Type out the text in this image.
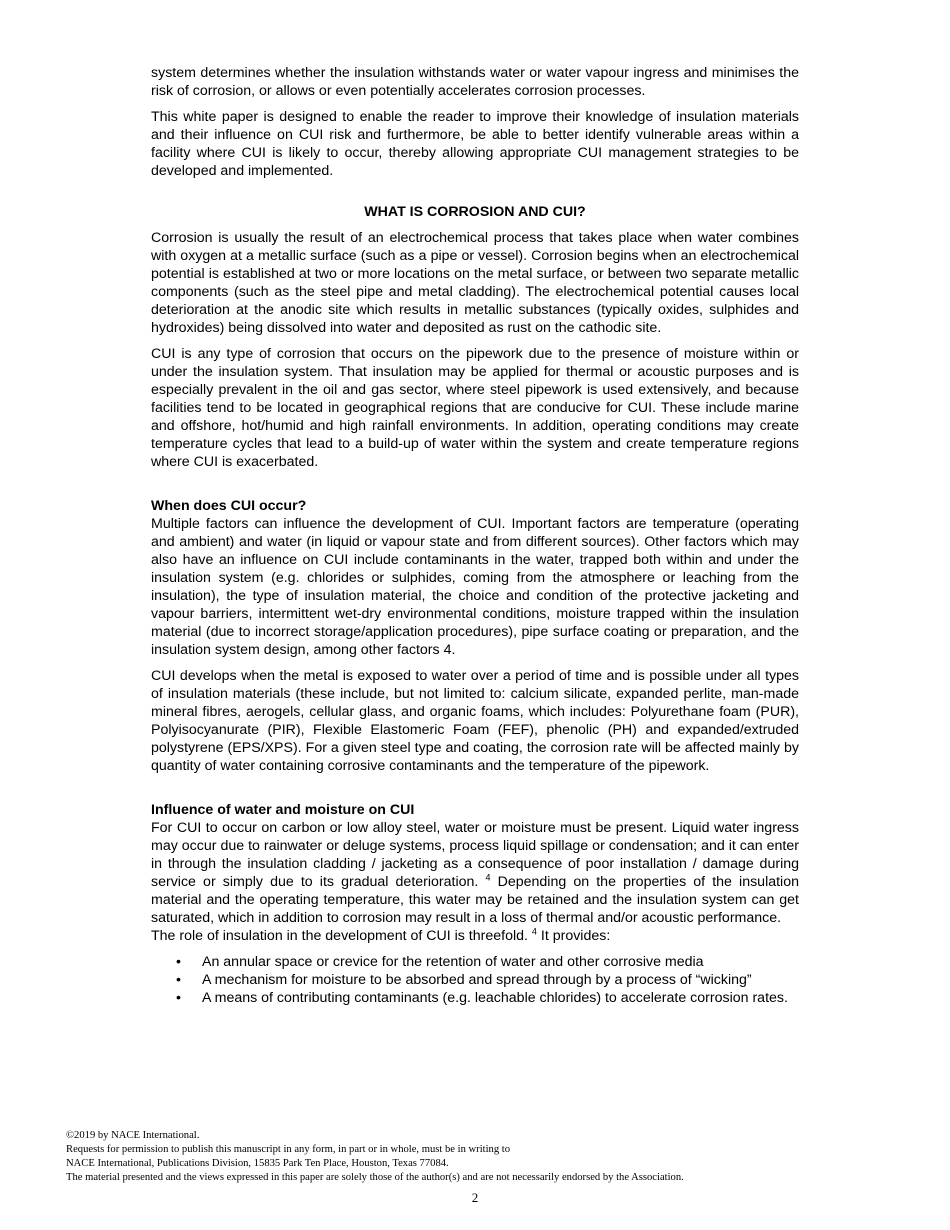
system determines whether the insulation withstands water or water vapour ingress and minimises the risk of corrosion, or allows or even potentially accelerates corrosion processes.

This white paper is designed to enable the reader to improve their knowledge of insulation materials and their influence on CUI risk and furthermore, be able to better identify vulnerable areas within a facility where CUI is likely to occur, thereby allowing appropriate CUI management strategies to be developed and implemented.

WHAT IS CORROSION AND CUI?

Corrosion is usually the result of an electrochemical process that takes place when water combines with oxygen at a metallic surface (such as a pipe or vessel). Corrosion begins when an electrochemical potential is established at two or more locations on the metal surface, or between two separate metallic components (such as the steel pipe and metal cladding). The electrochemical potential causes local deterioration at the anodic site which results in metallic substances (typically oxides, sulphides and hydroxides) being dissolved into water and deposited as rust on the cathodic site.

CUI is any type of corrosion that occurs on the pipework due to the presence of moisture within or under the insulation system. That insulation may be applied for thermal or acoustic purposes and is especially prevalent in the oil and gas sector, where steel pipework is used extensively, and because facilities tend to be located in geographical regions that are conducive for CUI. These include marine and offshore, hot/humid and high rainfall environments. In addition, operating conditions may create temperature cycles that lead to a build-up of water within the system and create temperature regions where CUI is exacerbated.

When does CUI occur?

Multiple factors can influence the development of CUI. Important factors are temperature (operating and ambient) and water (in liquid or vapour state and from different sources). Other factors which may also have an influence on CUI include contaminants in the water, trapped both within and under the insulation system (e.g. chlorides or sulphides, coming from the atmosphere or leaching from the insulation), the type of insulation material, the choice and condition of the protective jacketing and vapour barriers, intermittent wet-dry environmental conditions, moisture trapped within the insulation material (due to incorrect storage/application procedures), pipe surface coating or preparation, and the insulation system design, among other factors 4.

CUI develops when the metal is exposed to water over a period of time and is possible under all types of insulation materials (these include, but not limited to: calcium silicate, expanded perlite, man-made mineral fibres, aerogels, cellular glass, and organic foams, which includes: Polyurethane foam (PUR), Polyisocyanurate (PIR), Flexible Elastomeric Foam (FEF), phenolic (PH) and expanded/extruded polystyrene (EPS/XPS). For a given steel type and coating, the corrosion rate will be affected mainly by quantity of water containing corrosive contaminants and the temperature of the pipework.

Influence of water and moisture on CUI

For CUI to occur on carbon or low alloy steel, water or moisture must be present. Liquid water ingress may occur due to rainwater or deluge systems, process liquid spillage or condensation; and it can enter in through the insulation cladding / jacketing as a consequence of poor installation / damage during service or simply due to its gradual deterioration. $^4$ Depending on the properties of the insulation material and the operating temperature, this water may be retained and the insulation system can get saturated, which in addition to corrosion may result in a loss of thermal and/or acoustic performance.

The role of insulation in the development of CUI is threefold. $^4$ It provides:

• An annular space or crevice for the retention of water and other corrosive media
• A mechanism for moisture to be absorbed and spread through by a process of “wicking”
• A means of contributing contaminants (e.g. leachable chlorides) to accelerate corrosion rates.
©2019 by NACE International.
Requests for permission to publish this manuscript in any form, in part or in whole, must be in writing to
NACE International, Publications Division, 15835 Park Ten Place, Houston, Texas 77084.
The material presented and the views expressed in this paper are solely those of the author(s) and are not necessarily endorsed by the Association.
2
